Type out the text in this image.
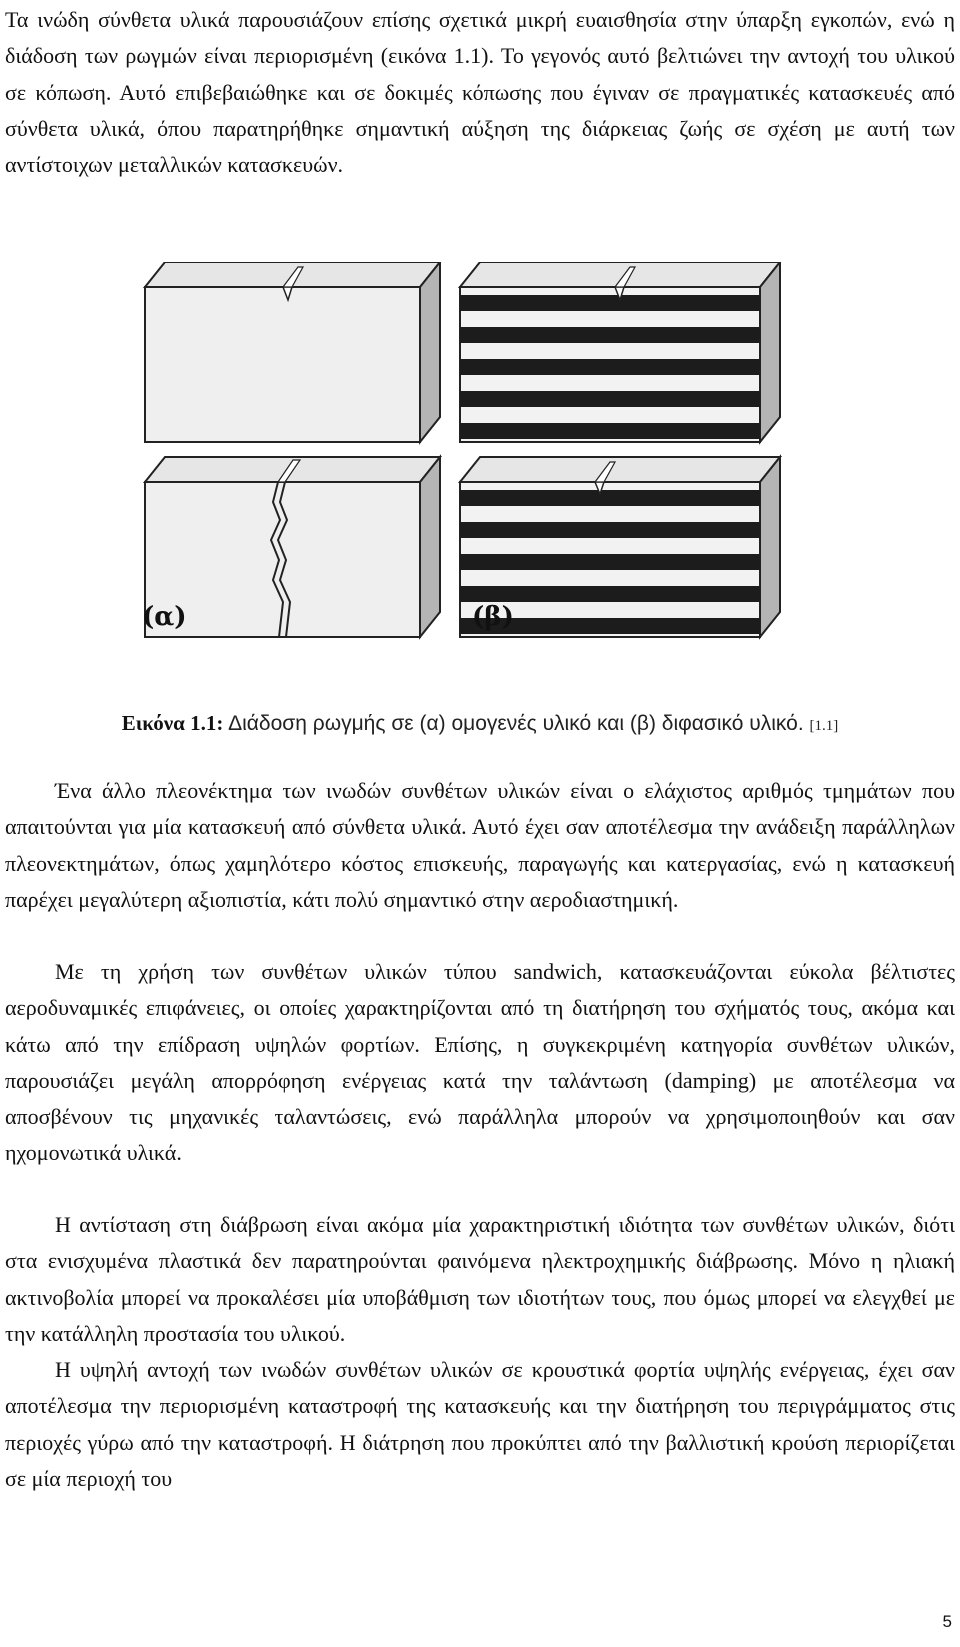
Τα ινώδη σύνθετα υλικά παρουσιάζουν επίσης σχετικά μικρή ευαισθησία στην ύπαρξη εγκοπών, ενώ η διάδοση των ρωγμών είναι περιορισμένη (εικόνα 1.1). Το γεγονός αυτό βελτιώνει την αντοχή του υλικού σε κόπωση. Αυτό επιβεβαιώθηκε και σε δοκιμές κόπωσης που έγιναν σε πραγματικές κατασκευές από σύνθετα υλικά, όπου παρατηρήθηκε σημαντική αύξηση της διάρκειας ζωής σε σχέση με αυτή των αντίστοιχων μεταλλικών κατασκευών.

(α)	(β)
Εικόνα 1.1: Διάδοση ρωγμής σε (α) ομογενές υλικό και (β) διφασικό υλικό. [1.1]

Ένα άλλο πλεονέκτημα των ινωδών συνθέτων υλικών είναι ο ελάχιστος αριθμός τμημάτων που απαιτούνται για μία κατασκευή από σύνθετα υλικά. Αυτό έχει σαν αποτέλεσμα την ανάδειξη παράλληλων πλεονεκτημάτων, όπως χαμηλότερο κόστος επισκευής, παραγωγής και κατεργασίας, ενώ η κατασκευή παρέχει μεγαλύτερη αξιοπιστία, κάτι πολύ σημαντικό στην αεροδιαστημική.

Με τη χρήση των συνθέτων υλικών τύπου sandwich, κατασκευάζονται εύκολα βέλτιστες αεροδυναμικές επιφάνειες, οι οποίες χαρακτηρίζονται από τη διατήρηση του σχήματός τους, ακόμα και κάτω από την επίδραση υψηλών φορτίων. Επίσης, η συγκεκριμένη κατηγορία συνθέτων υλικών, παρουσιάζει μεγάλη απορρόφηση ενέργειας κατά την ταλάντωση (damping) με αποτέλεσμα να αποσβένουν τις μηχανικές ταλαντώσεις, ενώ παράλληλα μπορούν να χρησιμοποιηθούν και σαν ηχομονωτικά υλικά.

Η αντίσταση στη διάβρωση είναι ακόμα μία χαρακτηριστική ιδιότητα των συνθέτων υλικών, διότι στα ενισχυμένα πλαστικά δεν παρατηρούνται φαινόμενα ηλεκτροχημικής διάβρωσης. Μόνο η ηλιακή ακτινοβολία μπορεί να προκαλέσει μία υποβάθμιση των ιδιοτήτων τους, που όμως μπορεί να ελεγχθεί με την κατάλληλη προστασία του υλικού.

Η υψηλή αντοχή των ινωδών συνθέτων υλικών σε κρουστικά φορτία υψηλής ενέργειας, έχει σαν αποτέλεσμα την περιορισμένη καταστροφή της κατασκευής και την διατήρηση του περιγράμματος στις περιοχές γύρω από την καταστροφή. Η διάτρηση που προκύπτει από την βαλλιστική κρούση περιορίζεται σε μία περιοχή του

5
